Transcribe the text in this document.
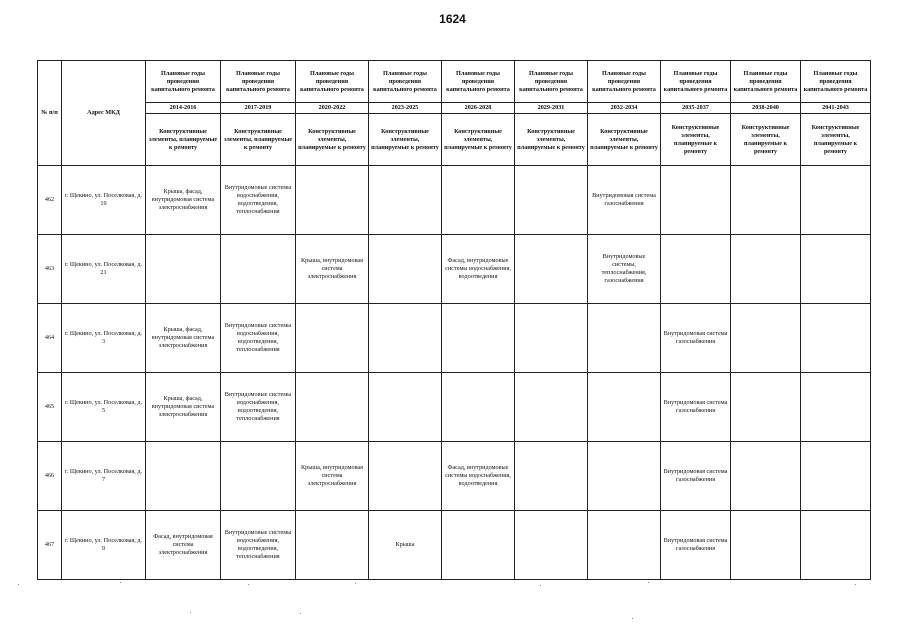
1624
№ п/п	Адрес МКД	Плановые годы проведения капитального ремонта	Плановые годы проведения капитального ремонта	Плановые годы проведения капитального ремонта	Плановые годы проведения капитального ремонта	Плановые годы проведения капитального ремонта	Плановые годы проведения капитального ремонта	Плановые годы проведения капитального ремонта	Плановые годы проведения капитального ремонта	Плановые годы проведения капитального ремонта	Плановые годы проведения капитального ремонта
		2014-2016	2017-2019	2020-2022	2023-2025	2026-2028	2029-2031	2032-2034	2035-2037	2038-2040	2041-2043
		Конструктивные элементы, планируемые к ремонту	Конструктивные элементы, планируемые к ремонту	Конструктивные элементы, планируемые к ремонту	Конструктивные элементы, планируемые к ремонту	Конструктивные элементы, планируемые к ремонту	Конструктивные элементы, планируемые к ремонту	Конструктивные элементы, планируемые к ремонту	Конструктивные элементы, планируемые к ремонту	Конструктивные элементы, планируемые к ремонту	Конструктивные элементы, планируемые к ремонту
462	г. Щекино, ул. Поселковая, д. 19	Крыша, фасад, внутридомовая система электроснабжения	Внутридомовые системы водоснабжения, водоотведения, теплоснабжения					Внутридомовая система газоснабжения			
463	г. Щекино, ул. Поселковая, д. 21			Крыша, внутридомовая система электроснабжения		Фасад, внутридомовые системы водоснабжения, водоотведения		Внутридомовые системы, теплоснабжения, газоснабжения			
464	г. Щекино, ул. Поселковая, д. 3	Крыша, фасад, внутридомовая система электроснабжения	Внутридомовые системы водоснабжения, водоотведения, теплоснабжения						Внутридомовая система газоснабжения		
465	г. Щекино, ул. Поселковая, д. 5	Крыша, фасад, внутридомовая система электроснабжения	Внутридомовые системы водоснабжения, водоотведения, теплоснабжения						Внутридомовая система газоснабжения		
466	г. Щекино, ул. Поселковая, д. 7			Крыша, внутридомовая система электроснабжения		Фасад, внутридомовые системы водоснабжения, водоотведения			Внутридомовая система газоснабжения		
467	г. Щекино, ул. Поселковая, д. 9	Фасад, внутридомовая система электроснабжения	Внутридомовые системы водоснабжения, водоотведения, теплоснабжения		Крыша				Внутридомовая система газоснабжения		
